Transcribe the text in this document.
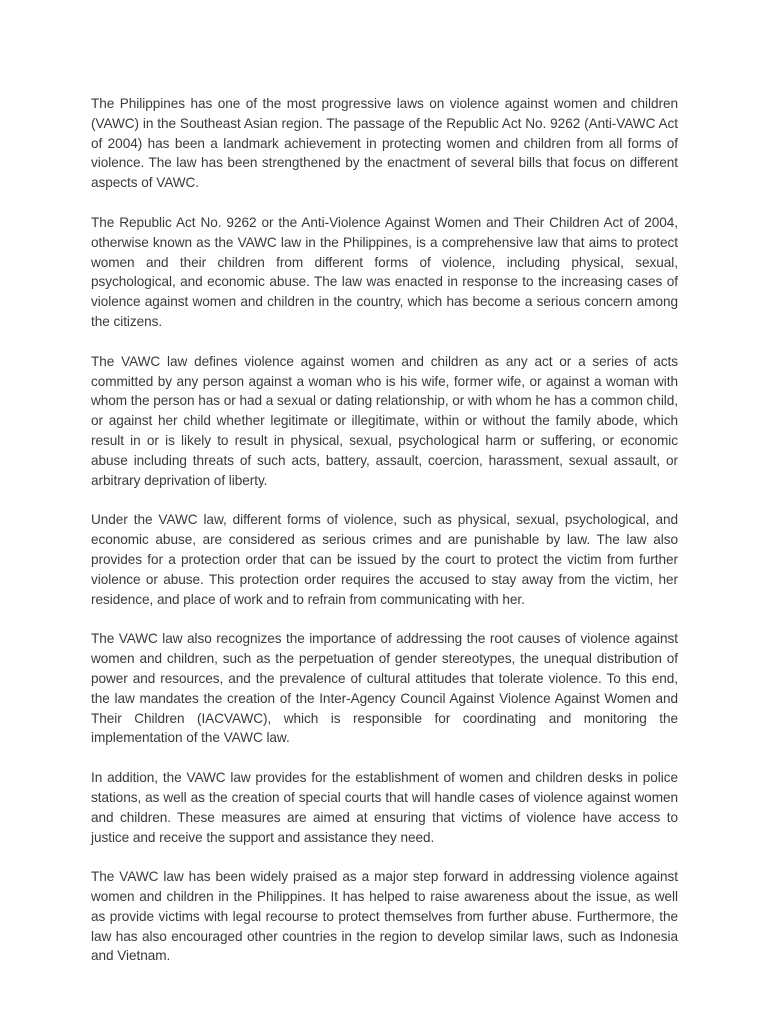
The Philippines has one of the most progressive laws on violence against women and children (VAWC) in the Southeast Asian region. The passage of the Republic Act No. 9262 (Anti-VAWC Act of 2004) has been a landmark achievement in protecting women and children from all forms of violence. The law has been strengthened by the enactment of several bills that focus on different aspects of VAWC.

The Republic Act No. 9262 or the Anti-Violence Against Women and Their Children Act of 2004, otherwise known as the VAWC law in the Philippines, is a comprehensive law that aims to protect women and their children from different forms of violence, including physical, sexual, psychological, and economic abuse. The law was enacted in response to the increasing cases of violence against women and children in the country, which has become a serious concern among the citizens.

The VAWC law defines violence against women and children as any act or a series of acts committed by any person against a woman who is his wife, former wife, or against a woman with whom the person has or had a sexual or dating relationship, or with whom he has a common child, or against her child whether legitimate or illegitimate, within or without the family abode, which result in or is likely to result in physical, sexual, psychological harm or suffering, or economic abuse including threats of such acts, battery, assault, coercion, harassment, sexual assault, or arbitrary deprivation of liberty.

Under the VAWC law, different forms of violence, such as physical, sexual, psychological, and economic abuse, are considered as serious crimes and are punishable by law. The law also provides for a protection order that can be issued by the court to protect the victim from further violence or abuse. This protection order requires the accused to stay away from the victim, her residence, and place of work and to refrain from communicating with her.

The VAWC law also recognizes the importance of addressing the root causes of violence against women and children, such as the perpetuation of gender stereotypes, the unequal distribution of power and resources, and the prevalence of cultural attitudes that tolerate violence. To this end, the law mandates the creation of the Inter-Agency Council Against Violence Against Women and Their Children (IACVAWC), which is responsible for coordinating and monitoring the implementation of the VAWC law.

In addition, the VAWC law provides for the establishment of women and children desks in police stations, as well as the creation of special courts that will handle cases of violence against women and children. These measures are aimed at ensuring that victims of violence have access to justice and receive the support and assistance they need.

The VAWC law has been widely praised as a major step forward in addressing violence against women and children in the Philippines. It has helped to raise awareness about the issue, as well as provide victims with legal recourse to protect themselves from further abuse. Furthermore, the law has also encouraged other countries in the region to develop similar laws, such as Indonesia and Vietnam.
